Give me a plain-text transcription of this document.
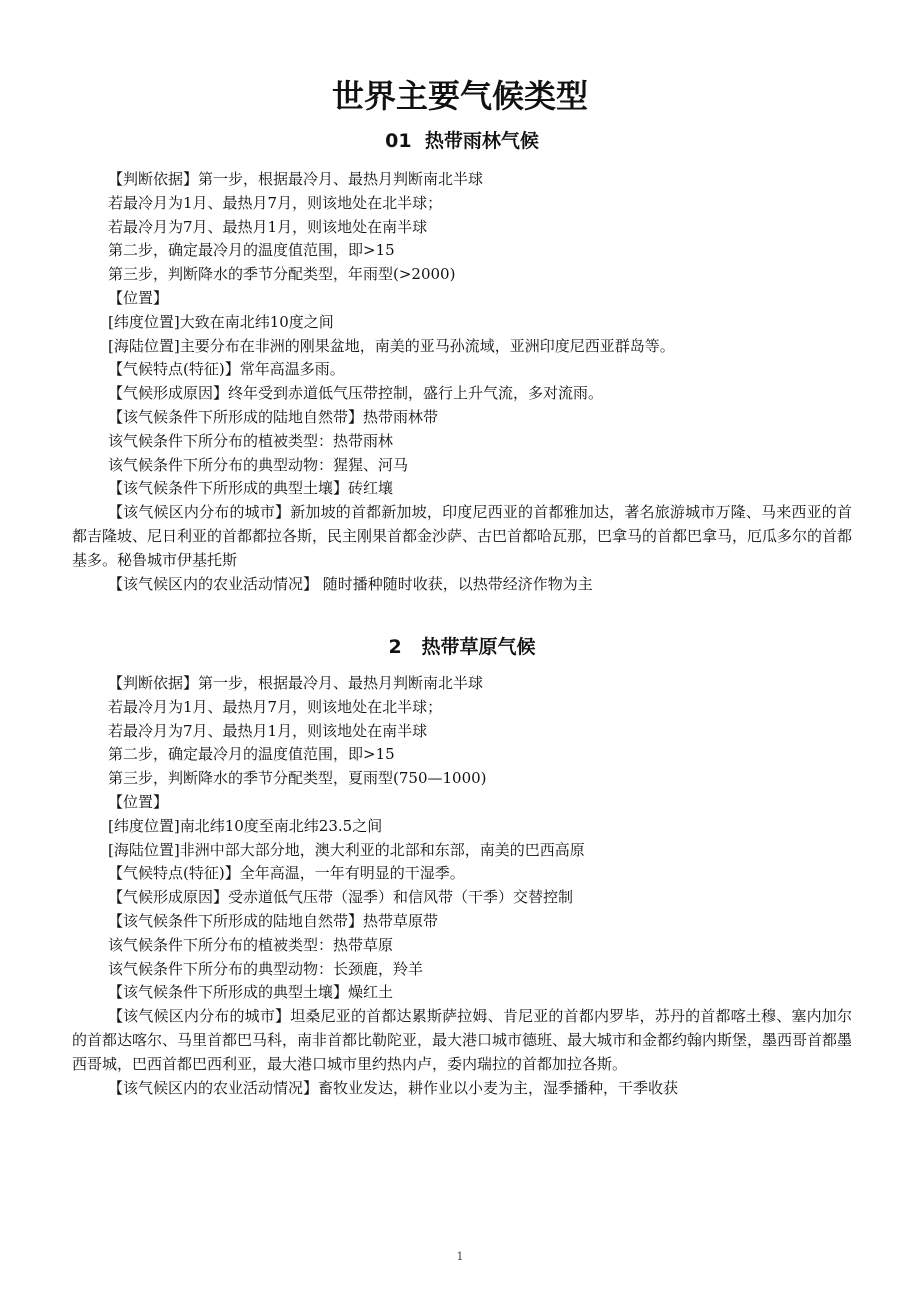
世界主要气候类型
01 热带雨林气候

【判断依据】第一步，根据最冷月、最热月判断南北半球

若最冷月为1月、最热月7月，则该地处在北半球；

若最冷月为7月、最热月1月，则该地处在南半球

第二步，确定最冷月的温度值范围，即>15

第三步，判断降水的季节分配类型，年雨型(>2000)

【位置】

[纬度位置]大致在南北纬10度之间

[海陆位置]主要分布在非洲的刚果盆地，南美的亚马孙流域，亚洲印度尼西亚群岛等。

【气候特点(特征)】常年高温多雨。

【气候形成原因】终年受到赤道低气压带控制，盛行上升气流，多对流雨。

【该气候条件下所形成的陆地自然带】热带雨林带

该气候条件下所分布的植被类型：热带雨林

该气候条件下所分布的典型动物：猩猩、河马

【该气候条件下所形成的典型土壤】砖红壤

【该气候区内分布的城市】新加坡的首都新加坡，印度尼西亚的首都雅加达，著名旅游城市万隆、马来西亚的首都吉隆坡、尼日利亚的首都都拉各斯，民主刚果首都金沙萨、古巴首都哈瓦那，巴拿马的首都巴拿马，厄瓜多尔的首都基多。秘鲁城市伊基托斯

【该气候区内的农业活动情况】 随时播种随时收获，以热带经济作物为主

2 热带草原气候

【判断依据】第一步，根据最冷月、最热月判断南北半球

若最冷月为1月、最热月7月，则该地处在北半球；

若最冷月为7月、最热月1月，则该地处在南半球

第二步，确定最冷月的温度值范围，即>15

第三步，判断降水的季节分配类型，夏雨型(750—1000)

【位置】

[纬度位置]南北纬10度至南北纬23.5之间

[海陆位置]非洲中部大部分地，澳大利亚的北部和东部，南美的巴西高原

【气候特点(特征)】全年高温，一年有明显的干湿季。

【气候形成原因】受赤道低气压带（湿季）和信风带（干季）交替控制

【该气候条件下所形成的陆地自然带】热带草原带

该气候条件下所分布的植被类型：热带草原

该气候条件下所分布的典型动物：长颈鹿，羚羊

【该气候条件下所形成的典型土壤】燥红土

【该气候区内分布的城市】坦桑尼亚的首都达累斯萨拉姆、肯尼亚的首都内罗毕，苏丹的首都喀土穆、塞内加尔的首都达喀尔、马里首都巴马科，南非首都比勒陀亚，最大港口城市德班、最大城市和金都约翰内斯堡，墨西哥首都墨西哥城，巴西首都巴西利亚，最大港口城市里约热内卢，委内瑞拉的首都加拉各斯。

【该气候区内的农业活动情况】畜牧业发达，耕作业以小麦为主，湿季播种，干季收获

1
